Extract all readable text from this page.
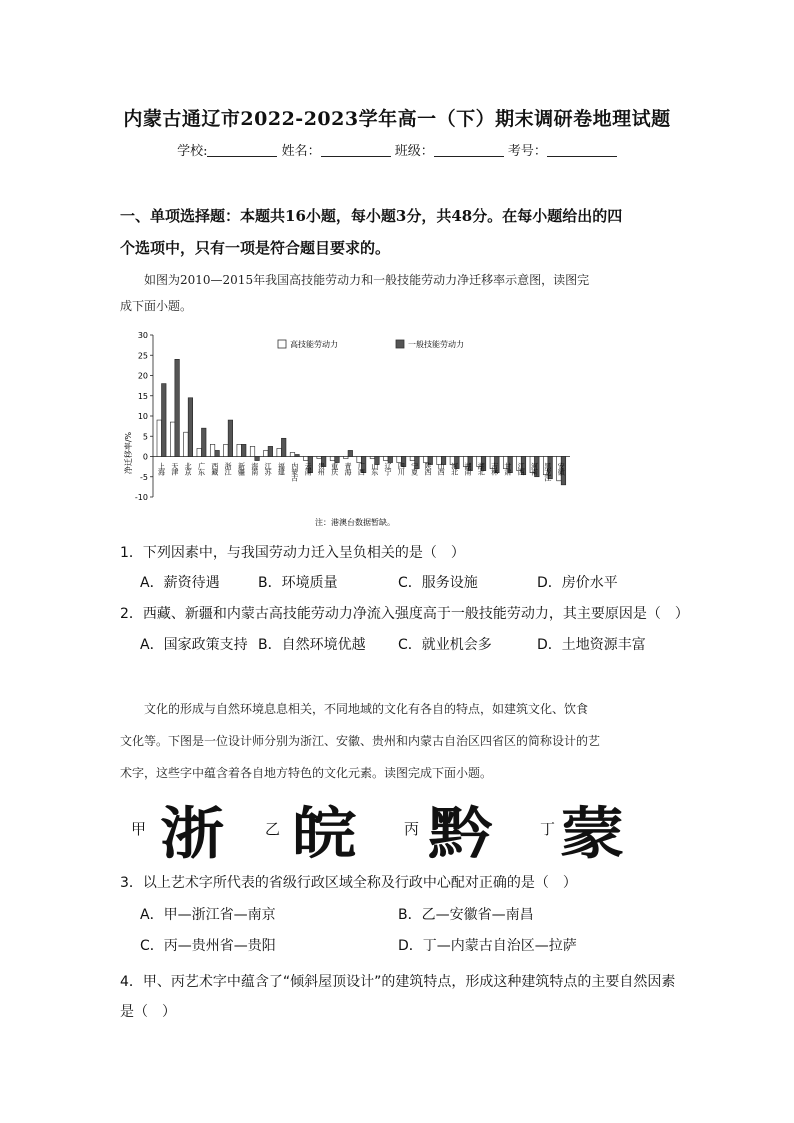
内蒙古通辽市2022-2023学年高一（下）期末调研卷地理试题
学校:	姓名：	班级：	考号：
一、单项选择题：本题共16小题，每小题3分，共48分。在每小题给出的四
个选项中，只有一项是符合题目要求的。
如图为2010—2015年我国高技能劳动力和一般技能劳动力净迁移率示意图，读图完
成下面小题。
30
25
20
15
10
5
0
-5
-10
上海 天津 北京 广东 西藏 浙江 新疆 海南 江苏 福建 内蒙古 云南 贵州 重庆 青海 广西 山东 辽宁 四川 宁夏 陕西 山西 河北 湖南 湖北 吉林 甘肃 江西 河南 黑龙江 安徽
净迁移率/%
高技能劳动力	一般技能劳动力
注：港澳台数据暂缺。
1．下列因素中，与我国劳动力迁入呈负相关的是（　）
A．薪资待遇	B．环境质量	C．服务设施	D．房价水平
2．西藏、新疆和内蒙古高技能劳动力净流入强度高于一般技能劳动力，其主要原因是（　）
A．国家政策支持 B．自然环境优越 C．就业机会多	D．土地资源丰富
文化的形成与自然环境息息相关，不同地域的文化有各自的特点，如建筑文化、饮食
文化等。下图是一位设计师分别为浙江、安徽、贵州和内蒙古自治区四省区的简称设计的艺
术字，这些字中蕴含着各自地方特色的文化元素。读图完成下面小题。
甲 浙	乙 皖	丙 黔	丁 蒙
3．以上艺术字所代表的省级行政区域全称及行政中心配对正确的是（　）
A．甲—浙江省—南京	B．乙—安徽省—南昌
C．丙—贵州省—贵阳	D．丁—内蒙古自治区—拉萨
4．甲、丙艺术字中蕴含了“倾斜屋顶设计”的建筑特点，形成这种建筑特点的主要自然因素
是（　）
